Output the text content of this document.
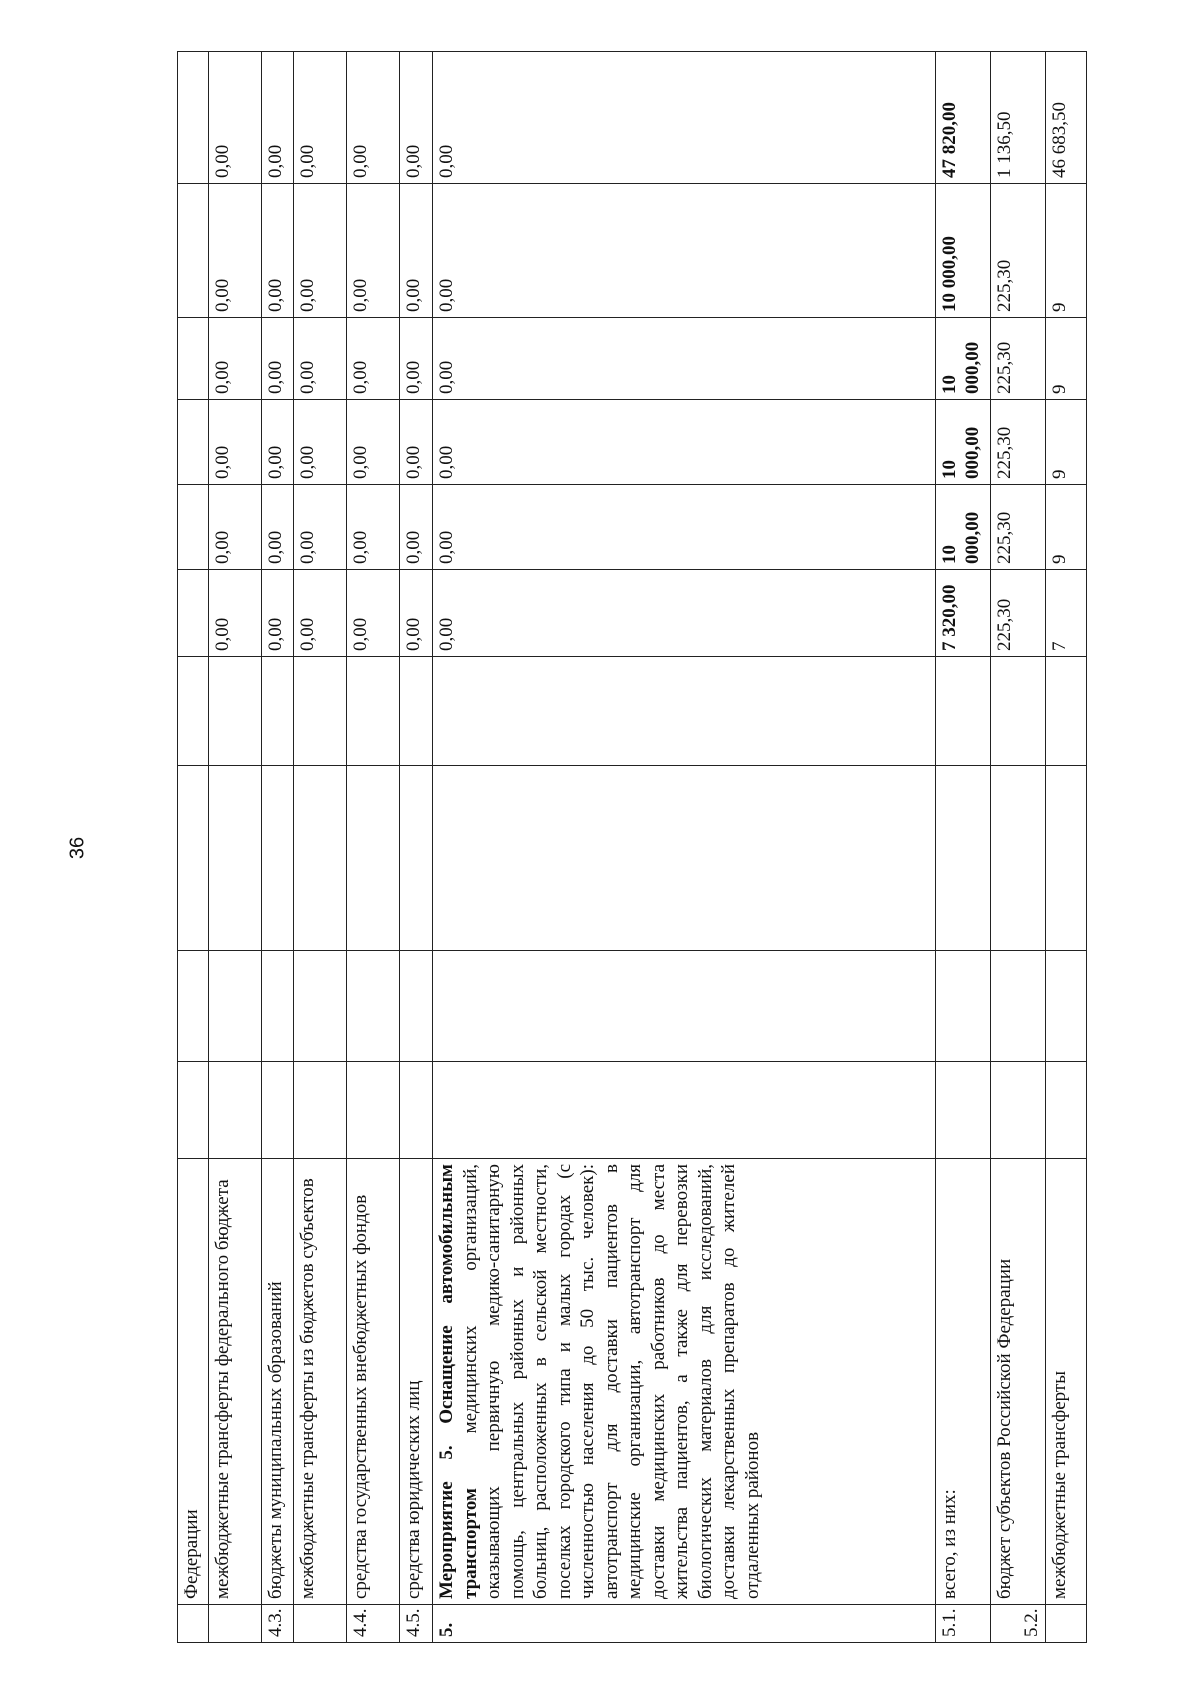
36
	Федерации										
	межбюджетные трансферты федерального бюджета					0,00	0,00	0,00	0,00	0,00	0,00
4.3.	бюджеты муниципальных образований					0,00	0,00	0,00	0,00	0,00	0,00
	межбюджетные трансферты из бюджетов субъектов					0,00	0,00	0,00	0,00	0,00	0,00
4.4.	средства государственных внебюджетных фондов					0,00	0,00	0,00	0,00	0,00	0,00
4.5.	средства юридических лиц					0,00	0,00	0,00	0,00	0,00	0,00
5.	Мероприятие 5. Оснащение автомобильным транспортом медицинских организаций, оказывающих первичную медико-санитарную помощь, центральных районных и районных больниц, расположенных в сельской местности, поселках городского типа и малых городах (с численностью населения до 50 тыс. человек): автотранспорт для доставки пациентов в медицинские организации, автотранспорт для доставки медицинских работников до места жительства пациентов, а также для перевозки биологических материалов для исследований, доставки лекарственных препаратов до жителей отдаленных районов					0,00	0,00	0,00	0,00	0,00	0,00
5.1.	всего, из них:					7 320,00	10 000,00	10 000,00	10 000,00	10 000,00	47 820,00
5.2.	бюджет субъектов Российской Федерации					225,30	225,30	225,30	225,30	225,30	1 136,50
	межбюджетные трансферты					7	9	9	9	9	46 683,50
